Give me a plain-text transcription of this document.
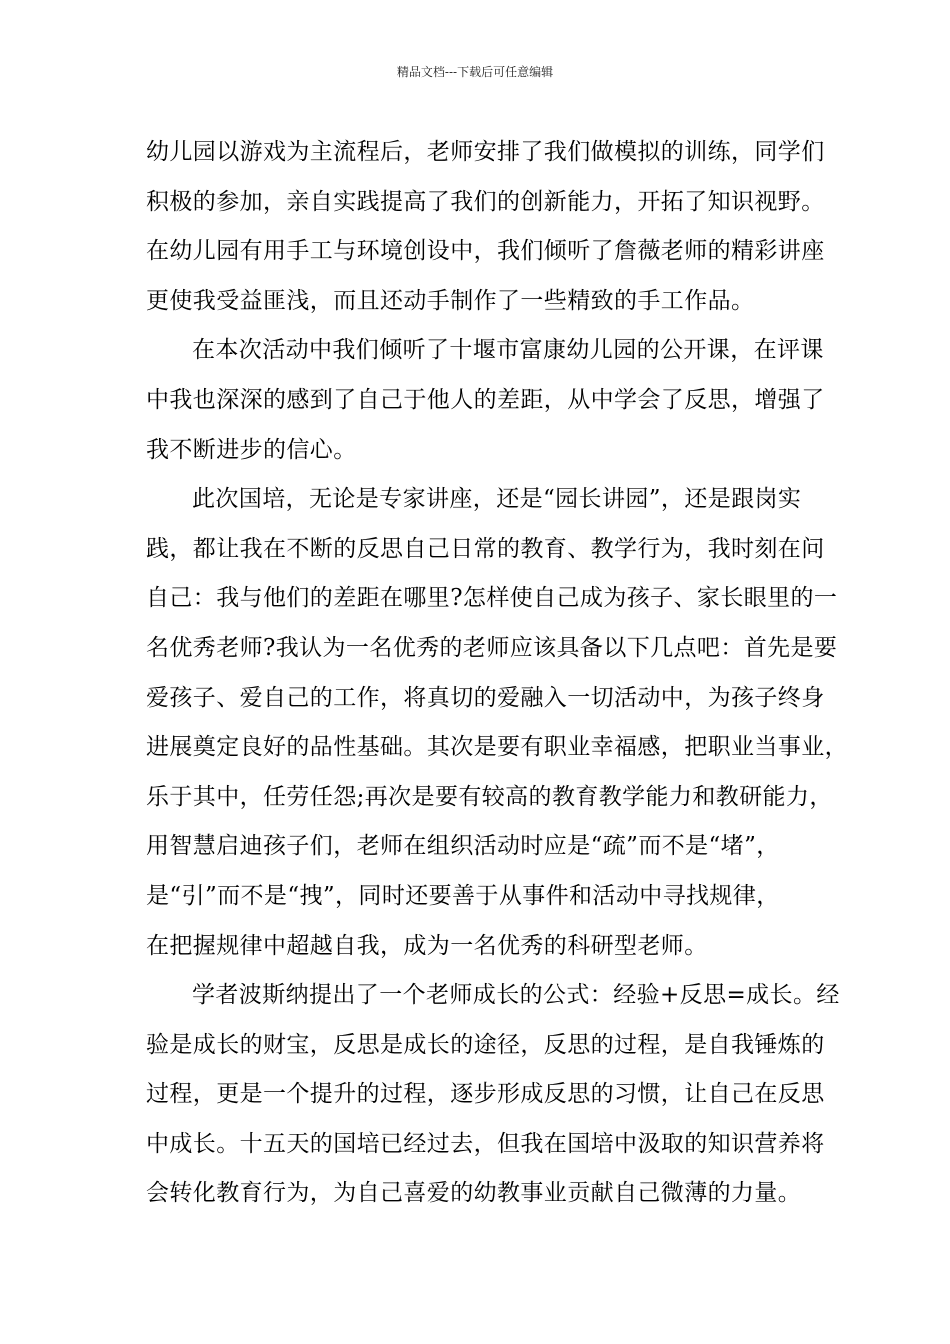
精品文档---下载后可任意编辑
幼儿园以游戏为主流程后，老师安排了我们做模拟的训练，同学们
积极的参加，亲自实践提高了我们的创新能力，开拓了知识视野。
在幼儿园有用手工与环境创设中，我们倾听了詹薇老师的精彩讲座
更使我受益匪浅，而且还动手制作了一些精致的手工作品。
在本次活动中我们倾听了十堰市富康幼儿园的公开课，在评课
中我也深深的感到了自己于他人的差距，从中学会了反思，增强了
我不断进步的信心。
此次国培，无论是专家讲座，还是“园长讲园”，还是跟岗实
践，都让我在不断的反思自己日常的教育、教学行为，我时刻在问
自己：我与他们的差距在哪里?怎样使自己成为孩子、家长眼里的一
名优秀老师?我认为一名优秀的老师应该具备以下几点吧：首先是要
爱孩子、爱自己的工作，将真切的爱融入一切活动中，为孩子终身
进展奠定良好的品性基础。其次是要有职业幸福感，把职业当事业，
乐于其中，任劳任怨;再次是要有较高的教育教学能力和教研能力，
用智慧启迪孩子们，老师在组织活动时应是“疏”而不是“堵”，
是“引”而不是“拽”，同时还要善于从事件和活动中寻找规律，
在把握规律中超越自我，成为一名优秀的科研型老师。
学者波斯纳提出了一个老师成长的公式：经验+反思=成长。经
验是成长的财宝，反思是成长的途径，反思的过程，是自我锤炼的
过程，更是一个提升的过程，逐步形成反思的习惯，让自己在反思
中成长。十五天的国培已经过去，但我在国培中汲取的知识营养将
会转化教育行为，为自己喜爱的幼教事业贡献自己微薄的力量。
